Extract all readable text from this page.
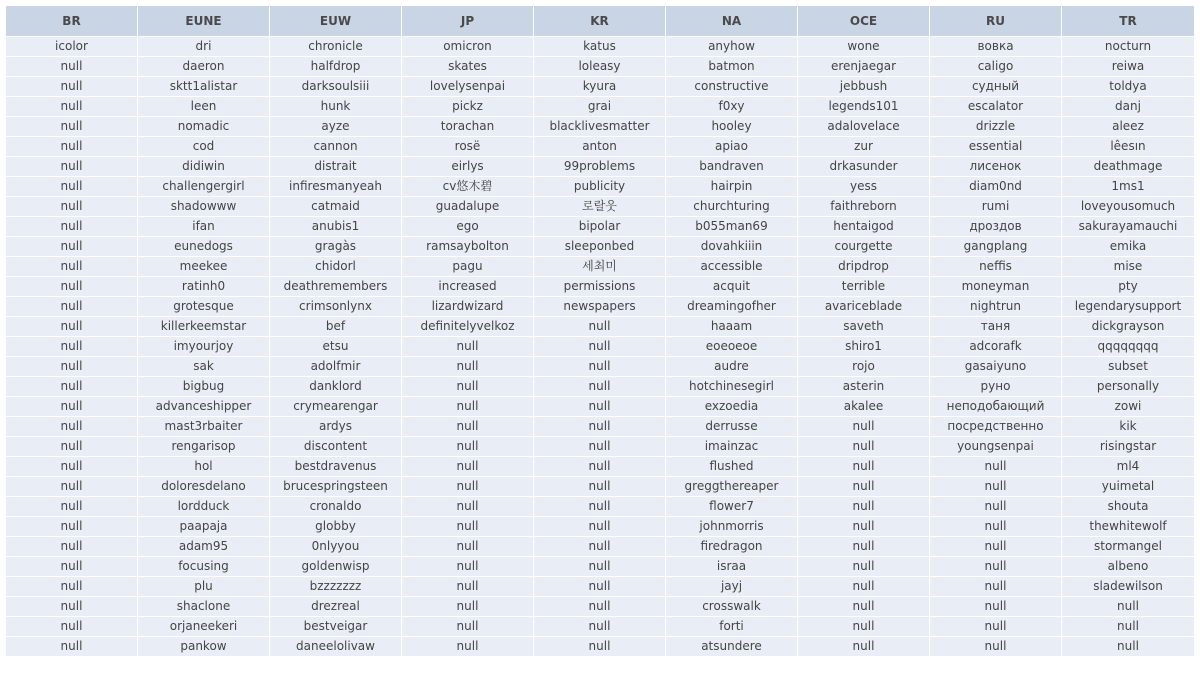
BR	EUNE	EUW	JP	KR	NA	OCE	RU	TR
icolor	dri	chronicle	omicron	katus	anyhow	wone	вовка	nocturn
null	daeron	halfdrop	skates	loleasy	batmon	erenjaegar	caligo	reiwa
null	sktt1alistar	darksoulsiii	lovelysenpai	kyura	constructive	jebbush	судный	toldya
null	leen	hunk	pickz	grai	f0xy	legends101	escalator	danj
null	nomadic	ayze	torachan	blacklivesmatter	hooley	adalovelace	drizzle	aleez
null	cod	cannon	rosë	anton	apiao	zur	essential	lêesın
null	didiwin	distrait	eirlys	99problems	bandraven	drkasunder	лисенок	deathmage
null	challengergirl	infiresmanyeah	cv悠木碧	publicity	hairpin	yess	diam0nd	1ms1
null	shadowww	catmaid	guadalupe	로랄웃	churchturing	faithreborn	rumi	loveyousomuch
null	ifan	anubis1	ego	bipolar	b055man69	hentaigod	дроздов	sakurayamauchi
null	eunedogs	gragàs	ramsaybolton	sleeponbed	dovahkiiin	courgette	gangplang	emika
null	meekee	chidorl	pagu	세최미	accessible	dripdrop	neffis	mise
null	ratinh0	deathremembers	increased	permissions	acquit	terrible	moneyman	pty
null	grotesque	crimsonlynx	lizardwizard	newspapers	dreamingofher	avariceblade	nightrun	legendarysupport
null	killerkeemstar	bef	definitelyvelkoz	null	haaam	saveth	таня	dickgrayson
null	imyourjoy	etsu	null	null	eoeoeoe	shiro1	adcorafk	qqqqqqqq
null	sak	adolfmir	null	null	audre	rojo	gasaiyuno	subset
null	bigbug	danklord	null	null	hotchinesegirl	asterin	руно	personally
null	advanceshipper	crymearengar	null	null	exzoedia	akalee	неподобающий	zowi
null	mast3rbaiter	ardys	null	null	derrusse	null	посредственно	kik
null	rengarisop	discontent	null	null	imainzac	null	youngsenpai	risingstar
null	hol	bestdravenus	null	null	flushed	null	null	ml4
null	doloresdelano	brucespringsteen	null	null	greggthereaper	null	null	yuimetal
null	lordduck	cronaldo	null	null	flower7	null	null	shouta
null	paapaja	globby	null	null	johnmorris	null	null	thewhitewolf
null	adam95	0nlyyou	null	null	firedragon	null	null	stormangel
null	focusing	goldenwisp	null	null	israa	null	null	albeno
null	plu	bzzzzzzz	null	null	jayj	null	null	sladewilson
null	shaclone	drezreal	null	null	crosswalk	null	null	null
null	orjaneekeri	bestveigar	null	null	forti	null	null	null
null	pankow	daneelolivaw	null	null	atsundere	null	null	null
